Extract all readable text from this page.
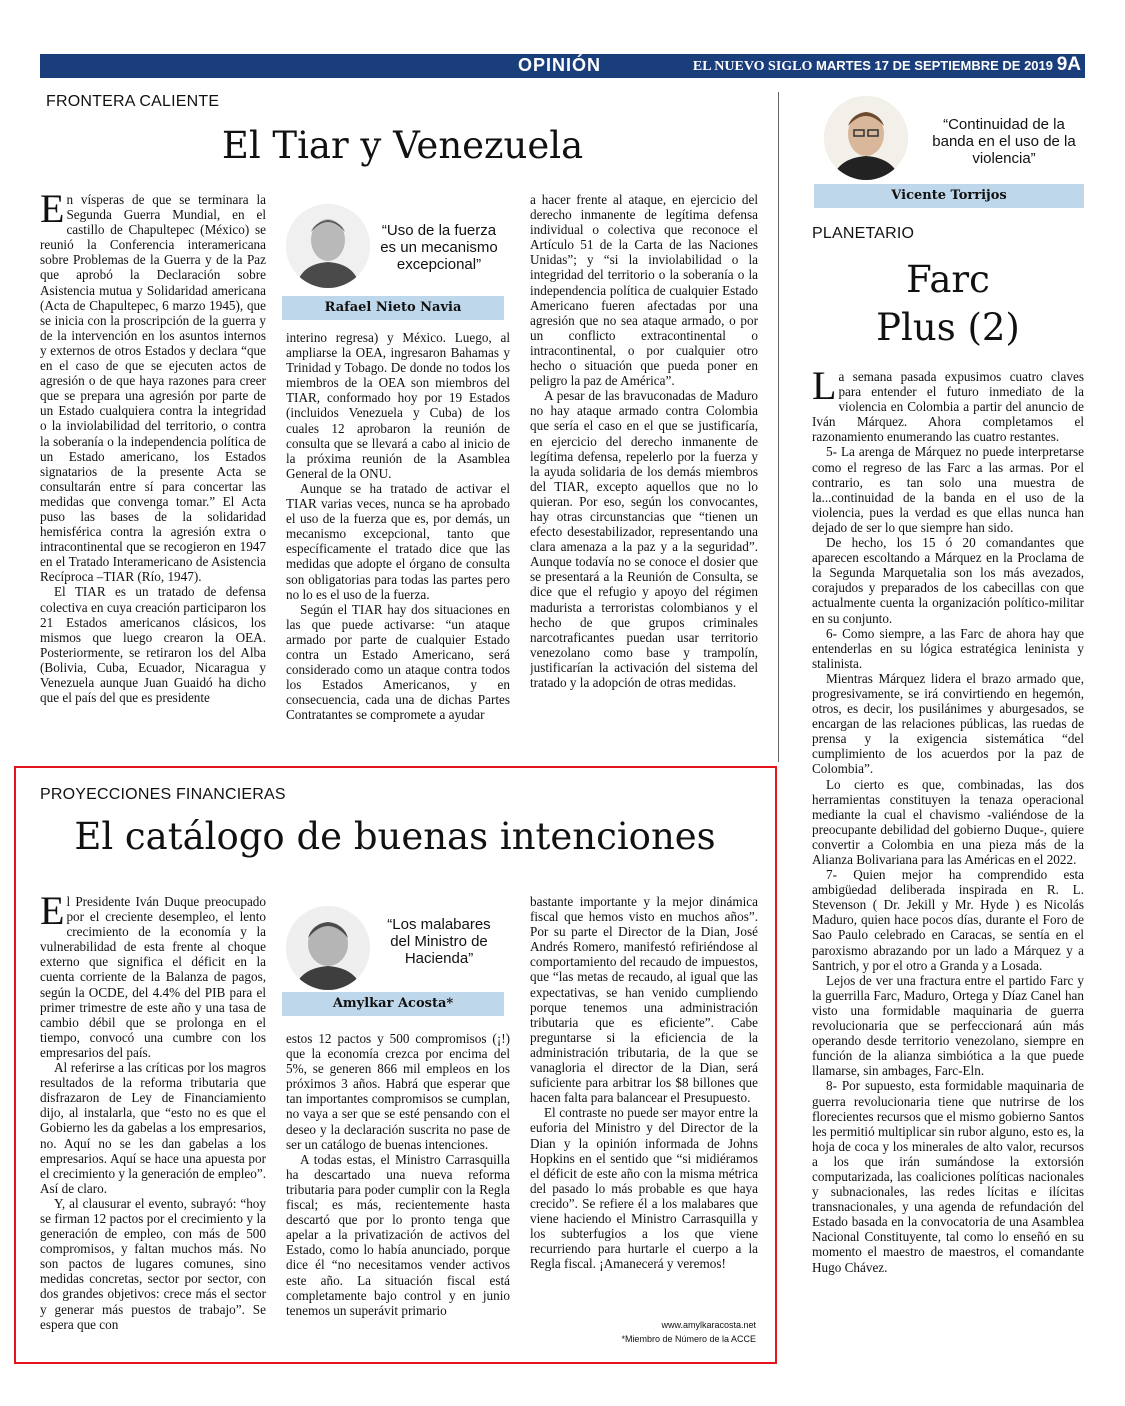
OPINIÓN	EL NUEVO SIGLO MARTES 17 DE SEPTIEMBRE DE 2019 9A
FRONTERA CALIENTE
El Tiar y Venezuela

En vísperas de que se terminara la Segunda Guerra Mundial, en el castillo de Chapultepec (México) se reunió la Conferencia interamericana sobre Problemas de la Guerra y de la Paz que aprobó la Declaración sobre Asistencia mutua y Solidaridad americana (Acta de Chapultepec, 6 marzo 1945), que se inicia con la proscripción de la guerra y de la intervención en los asuntos internos y externos de otros Estados y declara “que en el caso de que se ejecuten actos de agresión o de que haya razones para creer que se prepara una agresión por parte de un Estado cualquiera contra la integridad o la inviolabilidad del territorio, o contra la soberanía o la independencia política de un Estado americano, los Estados signatarios de la presente Acta se consultarán entre sí para concertar las medidas que convenga tomar.” El Acta puso las bases de la solidaridad hemisférica contra la agresión extra o intracontinental que se recogieron en 1947 en el Tratado Interamericano de Asistencia Recíproca –TIAR (Río, 1947).

El TIAR es un tratado de defensa colectiva en cuya creación participaron los 21 Estados americanos clásicos, los mismos que luego crearon la OEA. Posteriormente, se retiraron los del Alba (Bolivia, Cuba, Ecuador, Nicaragua y Venezuela aunque Juan Guaidó ha dicho que el país del que es presidente

“Uso de la fuerza es un mecanismo excepcional”
Rafael Nieto Navia

interino regresa) y México. Luego, al ampliarse la OEA, ingresaron Bahamas y Trinidad y Tobago. De donde no todos los miembros de la OEA son miembros del TIAR, conformado hoy por 19 Estados (incluidos Venezuela y Cuba) de los cuales 12 aprobaron la reunión de consulta que se llevará a cabo al inicio de la próxima reunión de la Asamblea General de la ONU.

Aunque se ha tratado de activar el TIAR varias veces, nunca se ha aprobado el uso de la fuerza que es, por demás, un mecanismo excepcional, tanto que específicamente el tratado dice que las medidas que adopte el órgano de consulta son obligatorias para todas las partes pero no lo es el uso de la fuerza.

Según el TIAR hay dos situaciones en las que puede activarse: “un ataque armado por parte de cualquier Estado contra un Estado Americano, será considerado como un ataque contra todos los Estados Americanos, y en consecuencia, cada una de dichas Partes Contratantes se compromete a ayudar

a hacer frente al ataque, en ejercicio del derecho inmanente de legítima defensa individual o colectiva que reconoce el Artículo 51 de la Carta de las Naciones Unidas”; y “si la inviolabilidad o la integridad del territorio o la soberanía o la independencia política de cualquier Estado Americano fueren afectadas por una agresión que no sea ataque armado, o por un conflicto extracontinental o intracontinental, o por cualquier otro hecho o situación que pueda poner en peligro la paz de América”.

A pesar de las bravuconadas de Maduro no hay ataque armado contra Colombia que sería el caso en el que se justificaría, en ejercicio del derecho inmanente de legítima defensa, repelerlo por la fuerza y la ayuda solidaria de los demás miembros del TIAR, excepto aquellos que no lo quieran. Por eso, según los convocantes, hay otras circunstancias que “tienen un efecto desestabilizador, representando una clara amenaza a la paz y a la seguridad”. Aunque todavía no se conoce el dosier que se presentará a la Reunión de Consulta, se dice que el refugio y apoyo del régimen madurista a terroristas colombianos y el hecho de que grupos criminales narcotraficantes puedan usar territorio venezolano como base y trampolín, justificarían la activación del sistema del tratado y la adopción de otras medidas.

“Continuidad de la banda en el uso de la violencia”
Vicente Torrijos
PLANETARIO
Farc
Plus (2)

La semana pasada expusimos cuatro claves para entender el futuro inmediato de la violencia en Colombia a partir del anuncio de Iván Márquez. Ahora completamos el razonamiento enumerando las cuatro restantes.

5- La arenga de Márquez no puede interpretarse como el regreso de las Farc a las armas. Por el contrario, es tan solo una muestra de la...continuidad de la banda en el uso de la violencia, pues la verdad es que ellas nunca han dejado de ser lo que siempre han sido.

De hecho, los 15 ó 20 comandantes que aparecen escoltando a Márquez en la Proclama de la Segunda Marquetalia son los más avezados, corajudos y preparados de los cabecillas con que actualmente cuenta la organización político-militar en su conjunto.

6- Como siempre, a las Farc de ahora hay que entenderlas en su lógica estratégica leninista y stalinista.

Mientras Márquez lidera el brazo armado que, progresivamente, se irá convirtiendo en hegemón, otros, es decir, los pusilánimes y aburgesados, se encargan de las relaciones públicas, las ruedas de prensa y la exigencia sistemática “del cumplimiento de los acuerdos por la paz de Colombia”.

Lo cierto es que, combinadas, las dos herramientas constituyen la tenaza operacional mediante la cual el chavismo -valiéndose de la preocupante debilidad del gobierno Duque-, quiere convertir a Colombia en una pieza más de la Alianza Bolivariana para las Américas en el 2022.

7- Quien mejor ha comprendido esta ambigüedad deliberada inspirada en R. L. Stevenson ( Dr. Jekill y Mr. Hyde ) es Nicolás Maduro, quien hace pocos días, durante el Foro de Sao Paulo celebrado en Caracas, se sentía en el paroxismo abrazando por un lado a Márquez y a Santrich, y por el otro a Granda y a Losada.

Lejos de ver una fractura entre el partido Farc y la guerrilla Farc, Maduro, Ortega y Díaz Canel han visto una formidable maquinaria de guerra revolucionaria que se perfeccionará aún más operando desde territorio venezolano, siempre en función de la alianza simbiótica a la que puede llamarse, sin ambages, Farc-Eln.

8- Por supuesto, esta formidable maquinaria de guerra revolucionaria tiene que nutrirse de los florecientes recursos que el mismo gobierno Santos les permitió multiplicar sin rubor alguno, esto es, la hoja de coca y los minerales de alto valor, recursos a los que irán sumándose la extorsión computarizada, las coaliciones políticas nacionales y subnacionales, las redes lícitas e ilícitas transnacionales, y una agenda de refundación del Estado basada en la convocatoria de una Asamblea Nacional Constituyente, tal como lo enseñó en su momento el maestro de maestros, el comandante Hugo Chávez.

PROYECCIONES FINANCIERAS
El catálogo de buenas intenciones

El Presidente Iván Duque preocupado por el creciente desempleo, el lento crecimiento de la economía y la vulnerabilidad de esta frente al choque externo que significa el déficit en la cuenta corriente de la Balanza de pagos, según la OCDE, del 4.4% del PIB para el primer trimestre de este año y una tasa de cambio débil que se prolonga en el tiempo, convocó una cumbre con los empresarios del país.

Al referirse a las críticas por los magros resultados de la reforma tributaria que disfrazaron de Ley de Financiamiento dijo, al instalarla, que “esto no es que el Gobierno les da gabelas a los empresarios, no. Aquí no se les dan gabelas a los empresarios. Aquí se hace una apuesta por el crecimiento y la generación de empleo”. Así de claro.

Y, al clausurar el evento, subrayó: “hoy se firman 12 pactos por el crecimiento y la generación de empleo, con más de 500 compromisos, y faltan muchos más. No son pactos de lugares comunes, sino medidas concretas, sector por sector, con dos grandes objetivos: crece más el sector y generar más puestos de trabajo”. Se espera que con

“Los malabares del Ministro de Hacienda”
Amylkar Acosta*

estos 12 pactos y 500 compromisos (¡!) que la economía crezca por encima del 5%, se generen 866 mil empleos en los próximos 3 años. Habrá que esperar que tan importantes compromisos se cumplan, no vaya a ser que se esté pensando con el deseo y la declaración suscrita no pase de ser un catálogo de buenas intenciones.

A todas estas, el Ministro Carrasquilla ha descartado una nueva reforma tributaria para poder cumplir con la Regla fiscal; es más, recientemente hasta descartó que por lo pronto tenga que apelar a la privatización de activos del Estado, como lo había anunciado, porque dice él “no necesitamos vender activos este año. La situación fiscal está completamente bajo control y en junio tenemos un superávit primario

bastante importante y la mejor dinámica fiscal que hemos visto en muchos años”. Por su parte el Director de la Dian, José Andrés Romero, manifestó refiriéndose al comportamiento del recaudo de impuestos, que “las metas de recaudo, al igual que las expectativas, se han venido cumpliendo porque tenemos una administración tributaria que es eficiente”. Cabe preguntarse si la eficiencia de la administración tributaria, de la que se vanagloria el director de la Dian, será suficiente para arbitrar los $8 billones que hacen falta para balancear el Presupuesto.

El contraste no puede ser mayor entre la euforia del Ministro y del Director de la Dian y la opinión informada de Johns Hopkins en el sentido que “si midiéramos el déficit de este año con la misma métrica del pasado lo más probable es que haya crecido”. Se refiere él a los malabares que viene haciendo el Ministro Carrasquilla y los subterfugios a los que viene recurriendo para hurtarle el cuerpo a la Regla fiscal. ¡Amanecerá y veremos!

www.amylkaracosta.net
*Miembro de Número de la ACCE
